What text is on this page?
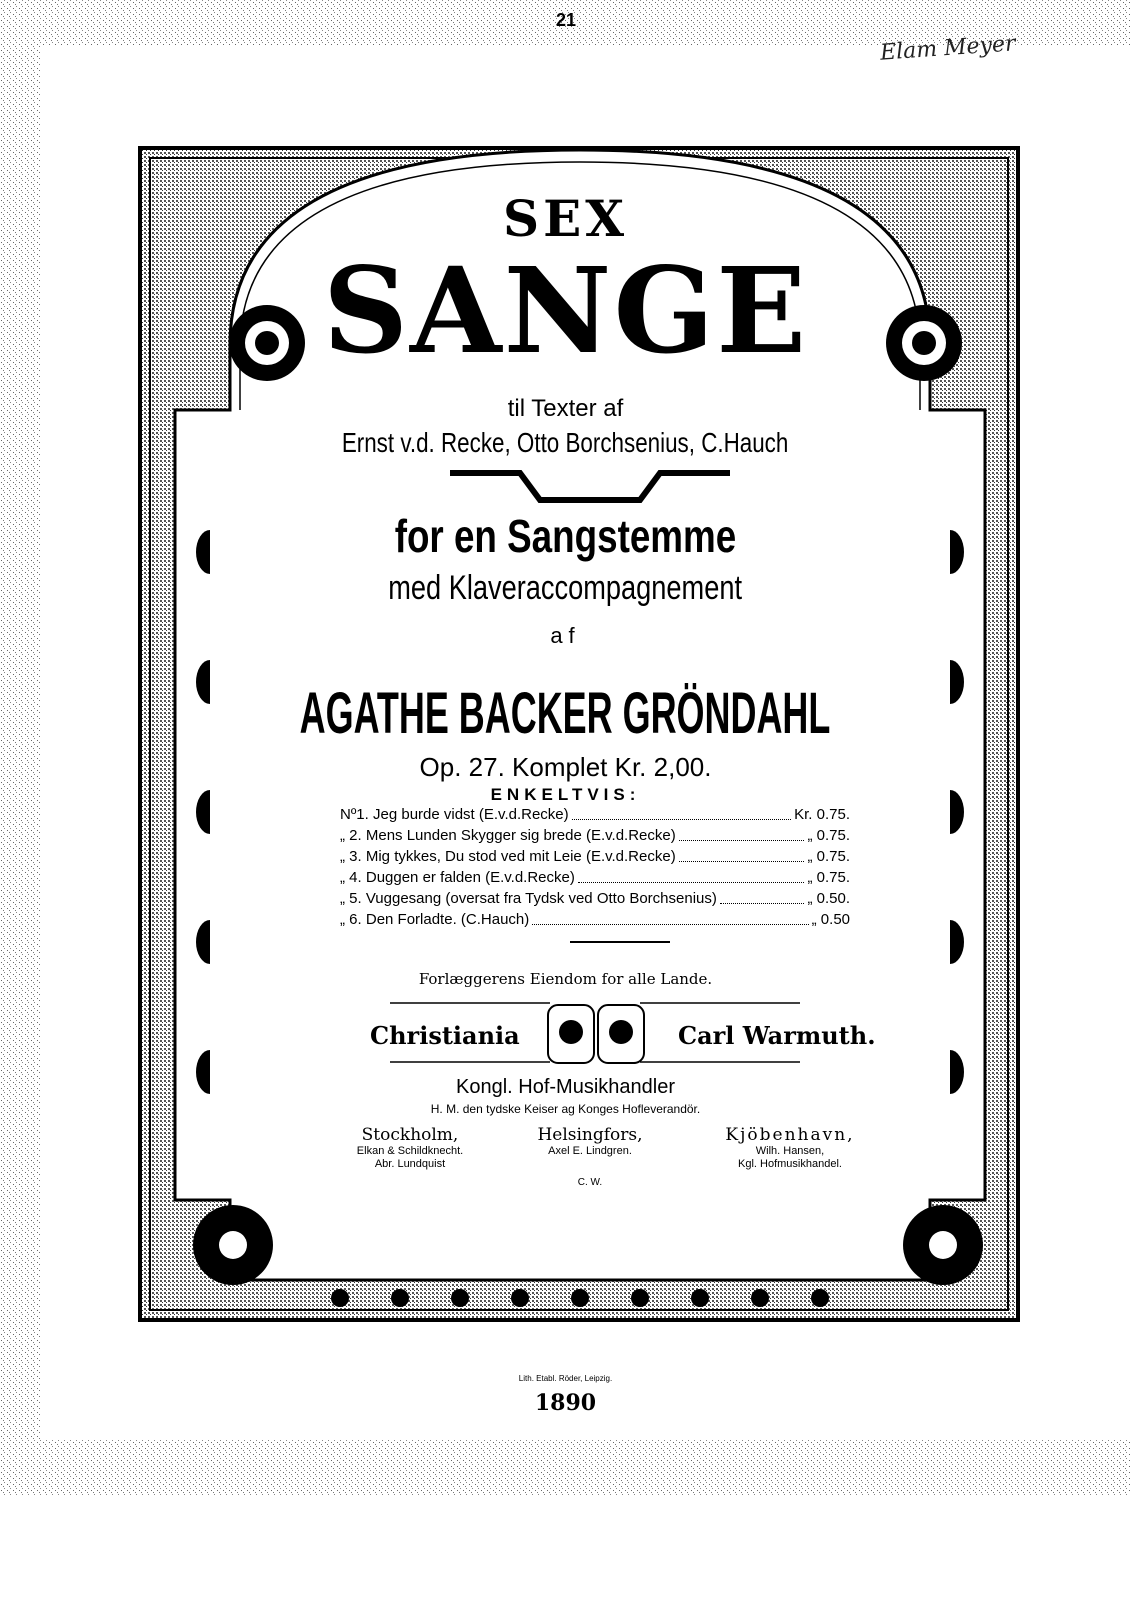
21
Elam Meyer
SEX
SANGE
til Texter af
Ernst v.d. Recke, Otto Borchsenius, C.Hauch
for en Sangstemme
med Klaveraccompagnement
af
AGATHE BACKER GRÖNDAHL
Op. 27. Komplet Kr. 2,00.
ENKELTVIS:
Nº1. Jeg burde vidst (E.v.d.Recke)	Kr. 0.75.
„ 2. Mens Lunden Skygger sig brede (E.v.d.Recke)	„ 0.75.
„ 3. Mig tykkes, Du stod ved mit Leie (E.v.d.Recke)	„ 0.75.
„ 4. Duggen er falden (E.v.d.Recke)	„ 0.75.
„ 5. Vuggesang (oversat fra Tydsk ved Otto Borchsenius)	„ 0.50.
„ 6. Den Forladte. (C.Hauch)	„ 0.50
Forlæggerens Eiendom for alle Lande.
Christiania	Carl Warmuth.
Kongl. Hof-Musikhandler
H. M. den tydske Keiser ag Konges Hofleverandör.
Stockholm,
Elkan & Schildknecht.
Abr. Lundquist
Helsingfors,
Axel E. Lindgren.
C. W.
Kjöbenhavn,
Wilh. Hansen,
Kgl. Hofmusikhandel.
Lith. Etabl. Röder, Leipzig.
1890
